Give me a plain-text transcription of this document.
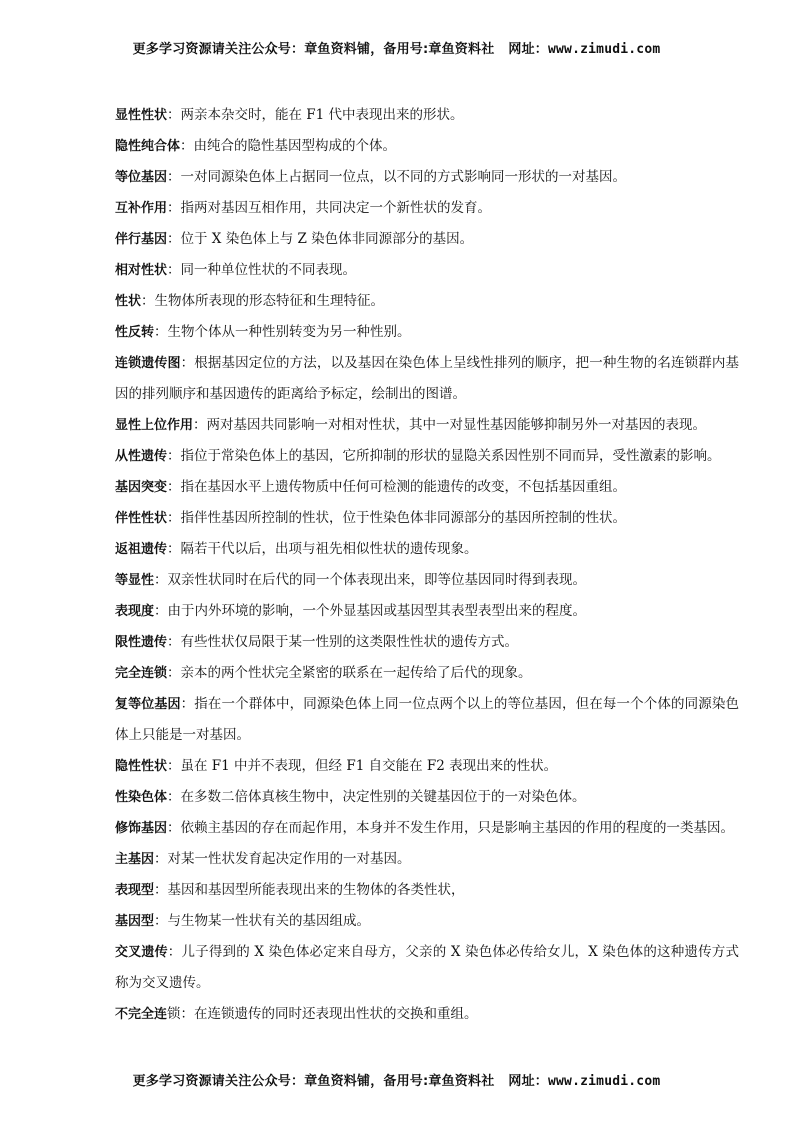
更多学习资源请关注公众号：章鱼资料铺，备用号:章鱼资料社 网址：www.zimudi.com

显性性状：两亲本杂交时，能在 F1 代中表现出来的形状。

隐性纯合体：由纯合的隐性基因型构成的个体。

等位基因：一对同源染色体上占据同一位点，以不同的方式影响同一形状的一对基因。

互补作用：指两对基因互相作用，共同决定一个新性状的发育。

伴行基因：位于 X 染色体上与 Z 染色体非同源部分的基因。

相对性状：同一种单位性状的不同表现。

性状：生物体所表现的形态特征和生理特征。

性反转：生物个体从一种性别转变为另一种性别。

连锁遗传图：根据基因定位的方法，以及基因在染色体上呈线性排列的顺序，把一种生物的名连锁群内基因的排列顺序和基因遗传的距离给予标定，绘制出的图谱。

显性上位作用：两对基因共同影响一对相对性状，其中一对显性基因能够抑制另外一对基因的表现。

从性遗传：指位于常染色体上的基因，它所抑制的形状的显隐关系因性别不同而异，受性激素的影响。

基因突变：指在基因水平上遗传物质中任何可检测的能遗传的改变，不包括基因重组。

伴性性状：指伴性基因所控制的性状，位于性染色体非同源部分的基因所控制的性状。

返祖遗传：隔若干代以后，出项与祖先相似性状的遗传现象。

等显性：双亲性状同时在后代的同一个体表现出来，即等位基因同时得到表现。

表现度：由于内外环境的影响，一个外显基因或基因型其表型表型出来的程度。

限性遗传：有些性状仅局限于某一性别的这类限性性状的遗传方式。

完全连锁：亲本的两个性状完全紧密的联系在一起传给了后代的现象。

复等位基因：指在一个群体中，同源染色体上同一位点两个以上的等位基因，但在每一个个体的同源染色体上只能是一对基因。

隐性性状：虽在 F1 中并不表现，但经 F1 自交能在 F2 表现出来的性状。

性染色体：在多数二倍体真核生物中，决定性别的关键基因位于的一对染色体。

修饰基因：依赖主基因的存在而起作用，本身并不发生作用，只是影响主基因的作用的程度的一类基因。

主基因：对某一性状发育起决定作用的一对基因。

表现型：基因和基因型所能表现出来的生物体的各类性状，

基因型：与生物某一性状有关的基因组成。

交叉遗传：儿子得到的 X 染色体必定来自母方，父亲的 X 染色体必传给女儿，X 染色体的这种遗传方式称为交叉遗传。

不完全连锁：在连锁遗传的同时还表现出性状的交换和重组。

更多学习资源请关注公众号：章鱼资料铺，备用号:章鱼资料社 网址：www.zimudi.com
